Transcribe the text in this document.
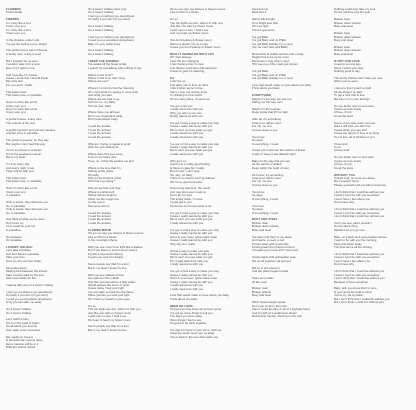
FLOWERS
Instrumental
FRIENDS
I'm crazy like a fool
Crazy over you
I'm crazy like a fool
Crazy over you
In the shadow, under cold
I've got the feeling you're alright
The perfect lover, best of friends
A family man, a dog to feed
But I wouldn't be so sure
I wouldn't take it for a cure
Even if it's right for me
And I feel like I'm insane
Cause I know that I should thank
My lucky star
For you and I - babe
This better town
This better time, in paradise
Now I'm crazy like a fool
Crazy over you
Now I'm crazy like a fool
Crazy over you
A gentle breeze, a lazy tune
The colours of the sea
A gentle hypnotic and summer dreams
Another story in paradise
The grass is greener, so they say
But maybe I can't feel that way
You're so picture in a dream
So be the weekend melody
But in my heart
I'm tryin every day
And every night I pray
That I will be with you
This better town
This better time, in paradise
Now I'm crazy like a fool
Crazy over you
In paradise
If life is sweet, then what are you
So, in paradise
If life is sweet, then what are you
So, in paradise
Just think of what you've done
Don't ever cry
Love could be your fun
In paradise
On paradise
On paradise
LOVERS' HOLIDAY
Let's take a holiday
Sun and Sand in paradise
Take your time
Give me all your love today
Oh tender Porto
Melting love between the sheets
Take a lovely walk by the sea
Sand and castle for two
I wanna take you on a lovers' holiday
I can't go on without you (anywhere)
On baby if you don't (if you don't)
I need you so anywhere (anywhere)
Only you can take me away
On a lovers' holiday
On a lovers' holiday
Let's catch a train
Put it on the road of Spain
It's all about you and me
And make some memories
We maybe to Greece
Is beneath the cypress trees
Every passion will be in it
Different stories unfold
On a lovers' holiday (and you)
On a lovers' holiday
I can't go on without you (anywhere)
On baby if you don't (if you don't)
On a lovers' holiday
On a lovers' holiday
I can't go on without you (anywhere)
I need you so anywhere (anywhere)
Baby it's you, really does
On a lovers' holiday
On a lovers' holiday
I NEED THE ANSWER
I lie awake till the break of day
I search for just talking with nothing to say
Where is the lover?
Where is the lover that I long
Where are you?
Where's no kind to find the fraternity
Oh I miss what I'm saying or more than
Just what you said
Where are we now to go
Tell it to me, my baby
Tell me now, baby
Where have you all been
Don't you understand what
Don't understand, baby
I need the answer
I need the answer
I need the answer
I need the answer
Who am I trying to speak to at all
Who are you looking for
Where does this love came
From in my head, why
Time, no, I write the psalms me and
Where is the love that I'm
Staring at the grave
Oh baby
Why do the borders of the
World let it go away?
Why do we hide and hide
Where is nothing left
Where will we begin to
Show me the magic one
(In the room)
Someone tell me
I need the answer
I need the answer
I need the answer
I need the answer
FLOWER MOON
Oh so one day you believe in flower moons
Like a child in a dream
In the moonlight shone
Well you see moon from light like a feather
Don't you listen to some lovers' stories
Fly like a free heart shining
It goes you cool (I'm forget)
Some people say that I'm a fool
But in my heart I know it's true
Well you see phases of blue
Are split over the middle
And this mood would be a little wilder
Would believe the stone of other
Cause today I feel your light
You can fade so hard into the flame
Shine just like you and your light
Oh I hold my breath in your eyes
On so
The city lights are dim, when I'm with you
Just like you with my flower moon
I wish upon a star, I hold it too
My heart is heart my flower moon
Some people say that I'm a fool
But in my heart I know it's true
Oh so one day you believe in flower moons
Like a child in a dream
On so
The city lights are dim, when I'm with you
Just like you with my flower moon
I wish upon a star, I hold it too
And my heart my flower moon
You don't believe in flower moon
Well in a dream I fly up to see
Cause you don't believe in flower moon
REALLY WANNA BE WITH YOU
Oh I feel strange
I feel the sun changing
I can't believe that I'm real
And there's much time that has been
Knows to gust it's dawning
But
I can't be so
And other you in love so hard
I like it when we're in love
Sorry, cover me and be done
I'm thinking on this world
Oh so many place, I found now
I've got to tell you
I really wanna be with you
Why you tell me you can
Really wanna be with you
I've got to find a way to make you stay
Cause I really wanna be with you
Mmm can't you see what you got
I really wanna be with you
I really wanna be with you
I've got to find a way to make you stay
Cause I really wanna be with you
Mmm can't you see what you got
I really wanna be with you
Why am I so
Used to to a really good feeling
Is there no gate but I really
Don't know, I can't stop
Oh, why, oh baby
There is no doubt I can't go without
Oh I'm so good tomorrow
Now loving welcome, the words
And now dont even mean to
Get it all, I'm love
The lonely down, I'm love
I gotta get to you
Tomorrow don't know what to do
I've got to find a way to make you stay
Cause I really wanna be with you
Mmm can't you see what you got
I really wanna be with you
I've got to find a way to make you stay
Cause I really wanna be with you
Get it to over loser, gotta make it last
Cause I really wanna be with you
Why why do I really
I'll find a way to make you stay
Cause I really wanna be with you
Mmm can't you see what you got
Fly I really wanna be with you
I really wanna be with you
I've got to find a way to make you stay
Cause I really wanna be with you
Get it to over loser, gotta make it last
Cause I really wanna be with you
I really wanna be with you
I really wanna be with you
Love that would make a move about you baby
Think about you baby
BEEN SO LONG
It's been so long since we've been gone
I've got so many things to tell you
The days you were away
Were things I had to say
It's good to be back together
I've that I'm home in your arms, hold me
Keep the world never turn us away
You in back in the love that made you
Soul and my
Mind and it
Well it still all right
It's a bright love that
Oh it so right
There's gonna be
I've got Billie
I've got Baby and Jo Phillo
I've got Billie Holiday in my soul
(So, so mad Jazz and Billie)
Remember lil Godlie and the had a baby
Taught him to be up for more
Memories it sing when I don't
Till I see me of the roads get stones
I've got Billie
I've got Baby and Jo Phillo
I've got Billie Holiday in my soul
Love that would make a move about you baby
Think about you baby
EVERYTHING
Maybe it's the way you see me
Taking me the way I am
Maybe it's the feelings
Deep inside that lift me high
After all, it's something
Cheers so rather mind
For me, no one
Comes close to you
You know
So deep
Is everything, I need
Cause you could see the world in a flower
A sign of hope in the darkest night
Baby it's the way that you see
All the earth's a radiant
Deep within the heart of soul
All I know, it's something
Cheers so rather mind
For me, no one
Comes close to you
You know
So deep
Is everything, I need
Your love
So deep
Is everything, I need
BUSY AND STEEL
Broken town
Broken down wheels
Busy and steel
I've been told that I'm not dead
Hot hearts, a need, a red,
Frozen heart with a wild side
Finding heart from blood to blood
I brought your name all if I were tied
Candy apple with self leather seat
We go all together eat and get
But so is she piled on
And the place began to hate
Tears and smiles
Of the road
Broken town
Broken wheels
Busy and steel
Well I heard people speak
Don't you know to the point
Then I could feel like a roll of a highway band
And I'm with of a small-town dream
Remember friends, dancing on the rain
Nothing could ever take my soul
It's the rainbow and the gold
Broken town
Broken down wheels
Busy and steel
Broken town
Broken down wheels
Busy and steel
Broken town
Broken down wheels
Busy and steel
IF NOT FOR LOVE
It seems so long ago
Since I found your love
Nothing good to say
The pretty clothes won't help you now
When you've gone
I came to find I could not fold
All the things I've said
To get a love that is true
But here I'm in your feelings
So you better now on love said
Cause we love lonely
(If love, if not)
So all the stars
Some of our stars won't you see
Sure it will lose you with love
Cause when you see that
Cause the dance of love is so bring
So I'm lost, all of thinking of you
If love and
If not
(If love and)
So you better now on love said
Cause we love lonely
(If love, if not)
So all the stars
WITHOUT YOU
Tonight a'ain so meet you about
But I wouldn't worry
Please yourself until you fall in tomorrow
I don't think that I could live without you
I know I can't be with you somehow
I won't have I feel about you
Don't know why
I don't think that I could live without you
I know I can't be with you somehow
I don't think that I could live without you
Can't you see, said I wouldn't
Do the same thing
Wouldn't let you go now
Baby, so it feels and contemplates above
I want to be with you the morning
Keep that down away
The time we've all the shining
I don't think that I could live without you
I know I can't be with you somehow
I won't have I feel about you
Don't know why
I don't think that I could live without you
I know I can't be with you somehow
I won't think that I could live without you
Because of love somehow
Baby, still, you know that I'm sure
Is your arms are hold to mind
You're my, all my babe
But I don't think that I could live without you
But I don't think I could live without you
